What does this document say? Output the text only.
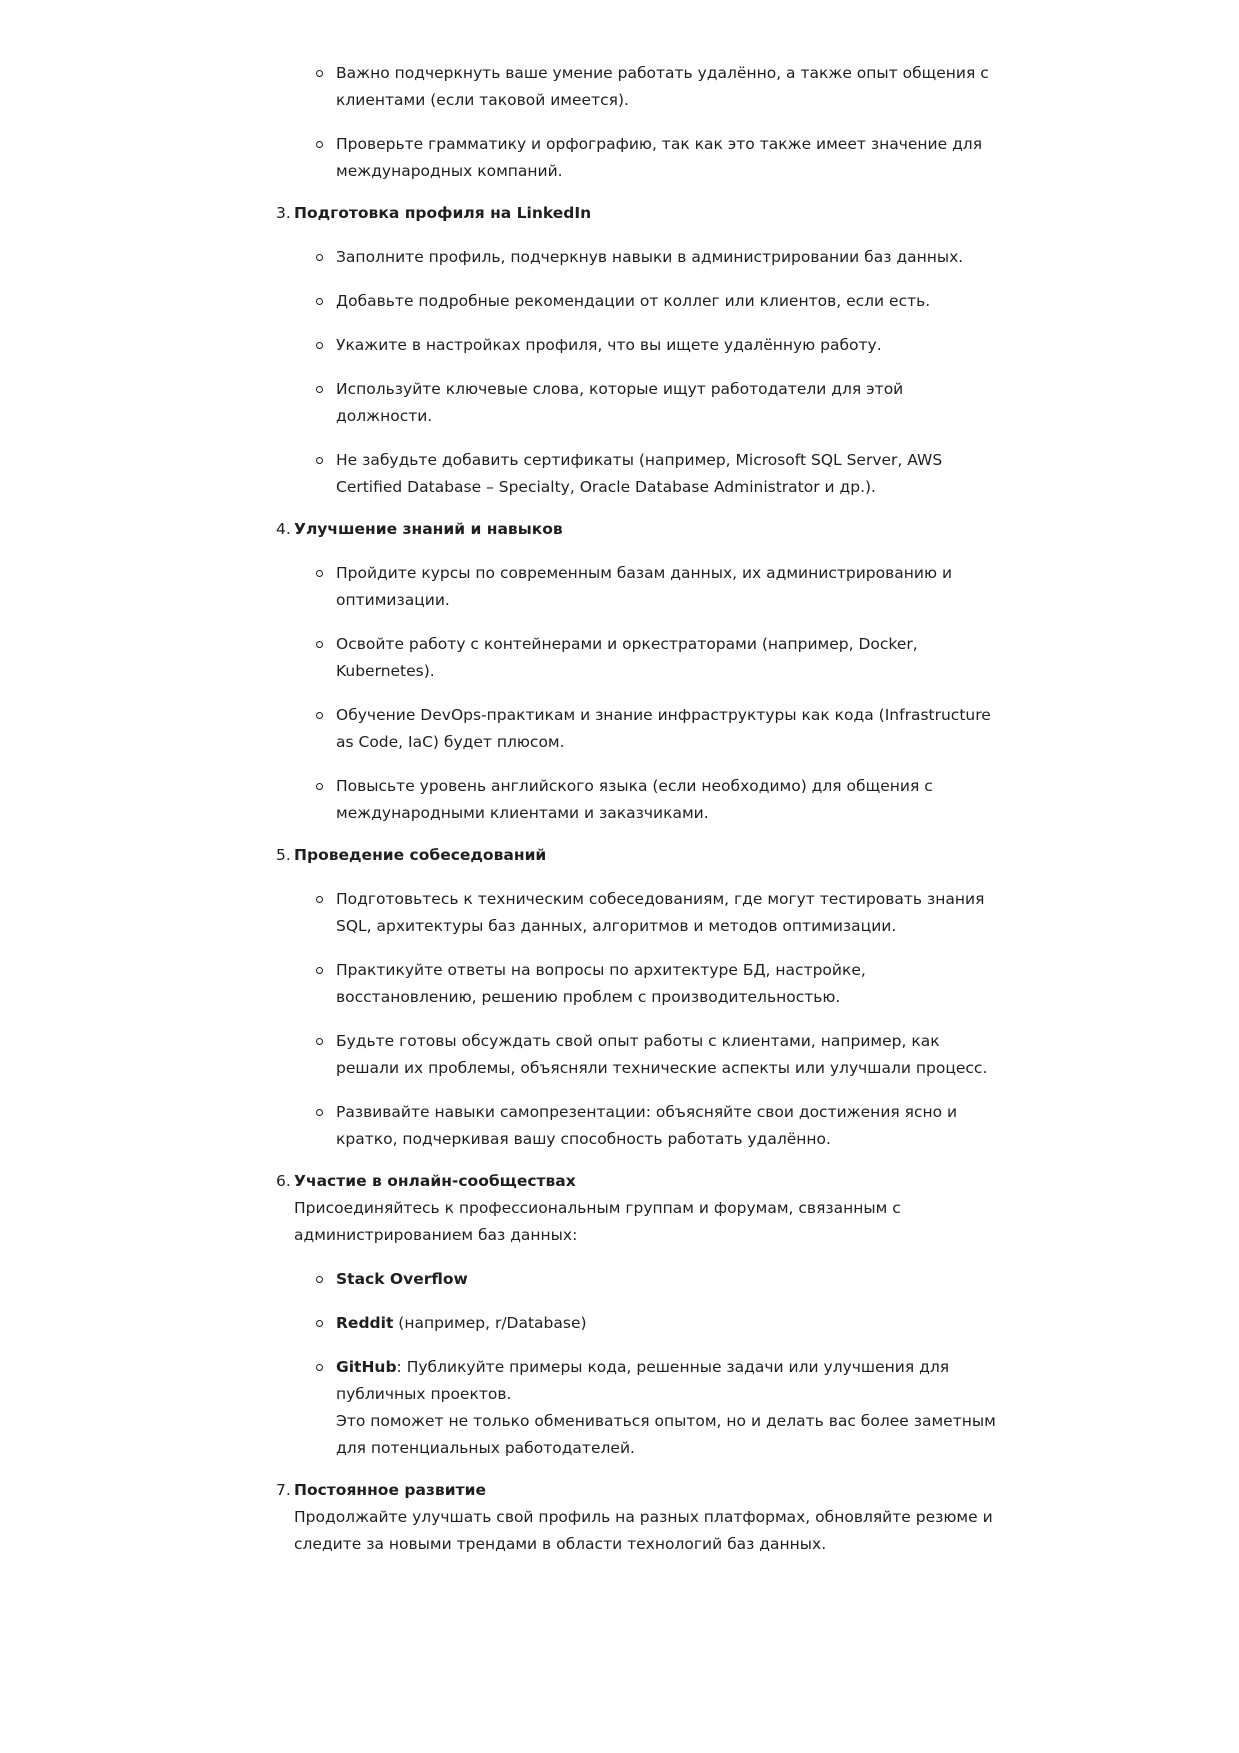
Важно подчеркнуть ваше умение работать удалённо, а также опыт общения с клиентами (если таковой имеется).
Проверьте грамматику и орфографию, так как это также имеет значение для международных компаний.
3. Подготовка профиля на LinkedIn
Заполните профиль, подчеркнув навыки в администрировании баз данных.
Добавьте подробные рекомендации от коллег или клиентов, если есть.
Укажите в настройках профиля, что вы ищете удалённую работу.
Используйте ключевые слова, которые ищут работодатели для этой должности.
Не забудьте добавить сертификаты (например, Microsoft SQL Server, AWS Certified Database – Specialty, Oracle Database Administrator и др.).
4. Улучшение знаний и навыков
Пройдите курсы по современным базам данных, их администрированию и оптимизации.
Освойте работу с контейнерами и оркестраторами (например, Docker, Kubernetes).
Обучение DevOps-практикам и знание инфраструктуры как кода (Infrastructure as Code, IaC) будет плюсом.
Повысьте уровень английского языка (если необходимо) для общения с международными клиентами и заказчиками.
5. Проведение собеседований
Подготовьтесь к техническим собеседованиям, где могут тестировать знания SQL, архитектуры баз данных, алгоритмов и методов оптимизации.
Практикуйте ответы на вопросы по архитектуре БД, настройке, восстановлению, решению проблем с производительностью.
Будьте готовы обсуждать свой опыт работы с клиентами, например, как решали их проблемы, объясняли технические аспекты или улучшали процесс.
Развивайте навыки самопрезентации: объясняйте свои достижения ясно и кратко, подчеркивая вашу способность работать удалённо.
6. Участие в онлайн-сообществах
Присоединяйтесь к профессиональным группам и форумам, связанным с администрированием баз данных:
Stack Overflow
Reddit (например, r/Database)
GitHub: Публикуйте примеры кода, решенные задачи или улучшения для публичных проектов.
Это поможет не только обмениваться опытом, но и делать вас более заметным для потенциальных работодателей.
7. Постоянное развитие
Продолжайте улучшать свой профиль на разных платформах, обновляйте резюме и следите за новыми трендами в области технологий баз данных.
